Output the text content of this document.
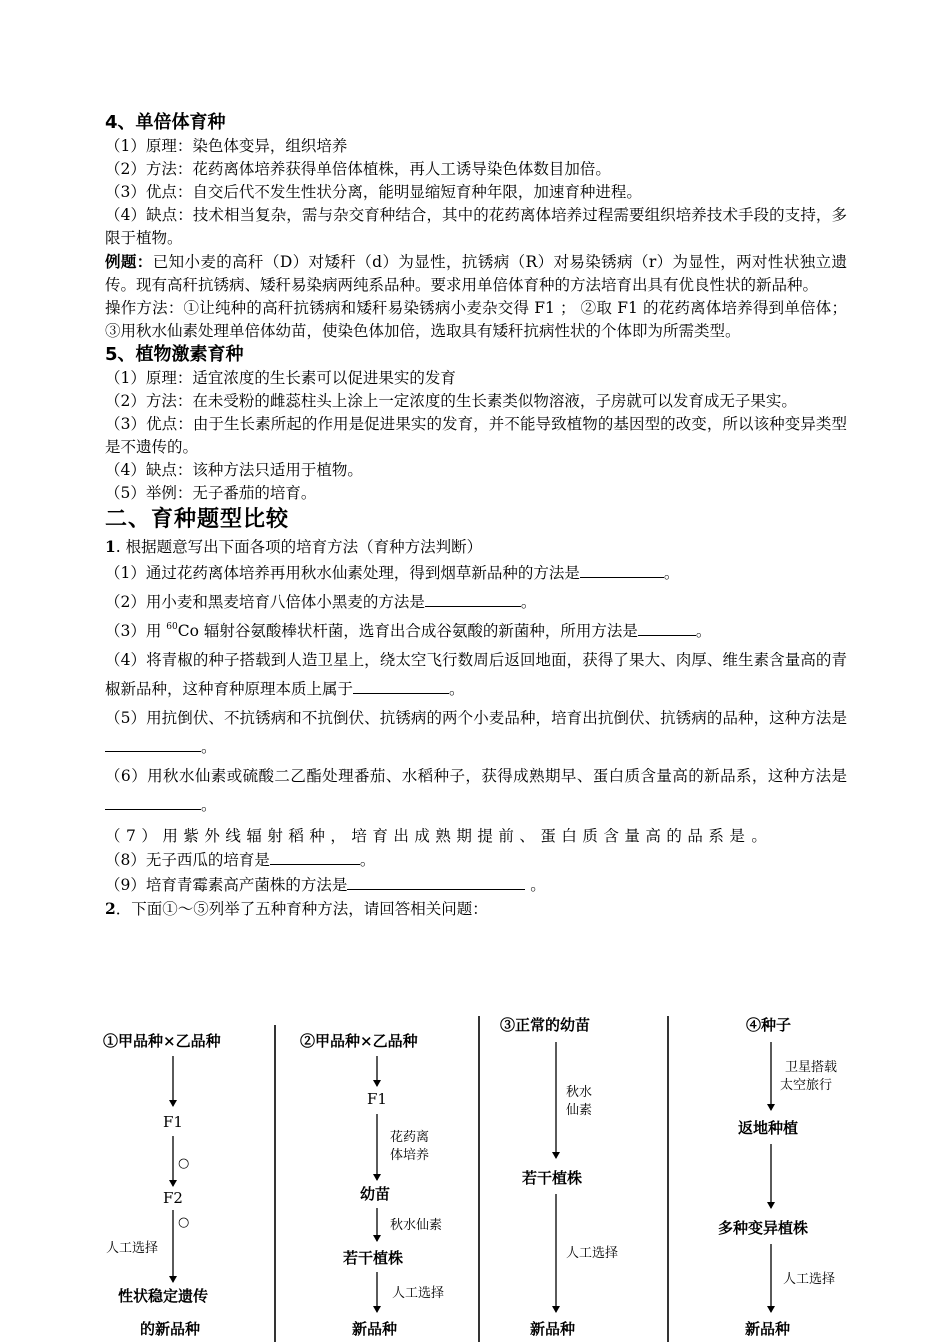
4、单倍体育种
（1）原理：染色体变异，组织培养
（2）方法：花药离体培养获得单倍体植株，再人工诱导染色体数目加倍。
（3）优点：自交后代不发生性状分离，能明显缩短育种年限，加速育种进程。
（4）缺点：技术相当复杂，需与杂交育种结合，其中的花药离体培养过程需要组织培养技术手段的支持，多限于植物。
例题：已知小麦的高秆（D）对矮秆（d）为显性，抗锈病（R）对易染锈病（r）为显性，两对性状独立遗传。现有高秆抗锈病、矮秆易染病两纯系品种。要求用单倍体育种的方法培育出具有优良性状的新品种。
操作方法：①让纯种的高秆抗锈病和矮秆易染锈病小麦杂交得 F1 ； ②取 F1 的花药离体培养得到单倍体； ③用秋水仙素处理单倍体幼苗，使染色体加倍，选取具有矮秆抗病性状的个体即为所需类型。
5、植物激素育种
（1）原理：适宜浓度的生长素可以促进果实的发育
（2）方法：在未受粉的雌蕊柱头上涂上一定浓度的生长素类似物溶液，子房就可以发育成无子果实。
（3）优点：由于生长素所起的作用是促进果实的发育，并不能导致植物的基因型的改变，所以该种变异类型是不遗传的。
（4）缺点：该种方法只适用于植物。
（5）举例：无子番茄的培育。
二、育种题型比较
1. 根据题意写出下面各项的培育方法（育种方法判断）
（1）通过花药离体培养再用秋水仙素处理，得到烟草新品种的方法是	。
（2）用小麦和黑麦培育八倍体小黑麦的方法是	。
（3）用 $^{60}$Co 辐射谷氨酸棒状杆菌，选育出合成谷氨酸的新菌种，所用方法是	。
（4）将青椒的种子搭载到人造卫星上，绕太空飞行数周后返回地面，获得了果大、肉厚、维生素含量高的青椒新品种，这种育种原理本质上属于	。
（5）用抗倒伏、不抗锈病和不抗倒伏、抗锈病的两个小麦品种，培育出抗倒伏、抗锈病的品种，这种方法是。
（6）用秋水仙素或硫酸二乙酯处理番茄、水稻种子，获得成熟期早、蛋白质含量高的新品系，这种方法是。
（7）用紫外线辐射稻种，培育出成熟期提前、蛋白质含量高的品系是。
（8）无子西瓜的培育是	。
（9）培育青霉素高产菌株的方法是	。
2．下面①～⑤列举了五种育种方法，请回答相关问题：
①甲品种×乙品种
F1
○
F2
○
人工选择
性状稳定遗传
的新品种
②甲品种×乙品种
F1
花药离
体培养
幼苗
秋水仙素
若干植株
人工选择
新品种
③正常的幼苗
秋水
仙素
若干植株
人工选择
新品种
④种子
卫星搭载
太空旅行
返地种植
多种变异植株
人工选择
新品种
